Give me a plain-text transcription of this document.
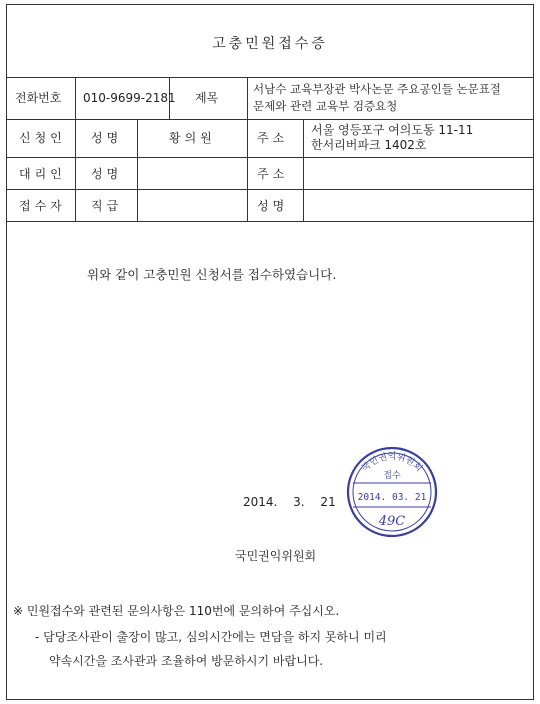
고충민원접수증
전화번호 010-9699-2181 제목
서남수 교육부장관 박사논문 주요공인들 논문표절
문제와 관련 교육부 검증요청
신청인 성명	황의원	주소
서울 영등포구 여의도동 11-11
한서리버파크 1402호
대리인 성명	주소
접수자 직급	성명
위와 같이 고충민원 신청서를 접수하였습니다.
2014. 3. 21
국민권익위원회
접수
2014. 03. 21
49C
국민권익위원회
※ 민원접수와 관련된 문의사항은 110번에 문의하여 주십시오.
- 담당조사관이 출장이 많고, 심의시간에는 면담을 하지 못하니 미리
약속시간을 조사관과 조율하여 방문하시기 바랍니다.
